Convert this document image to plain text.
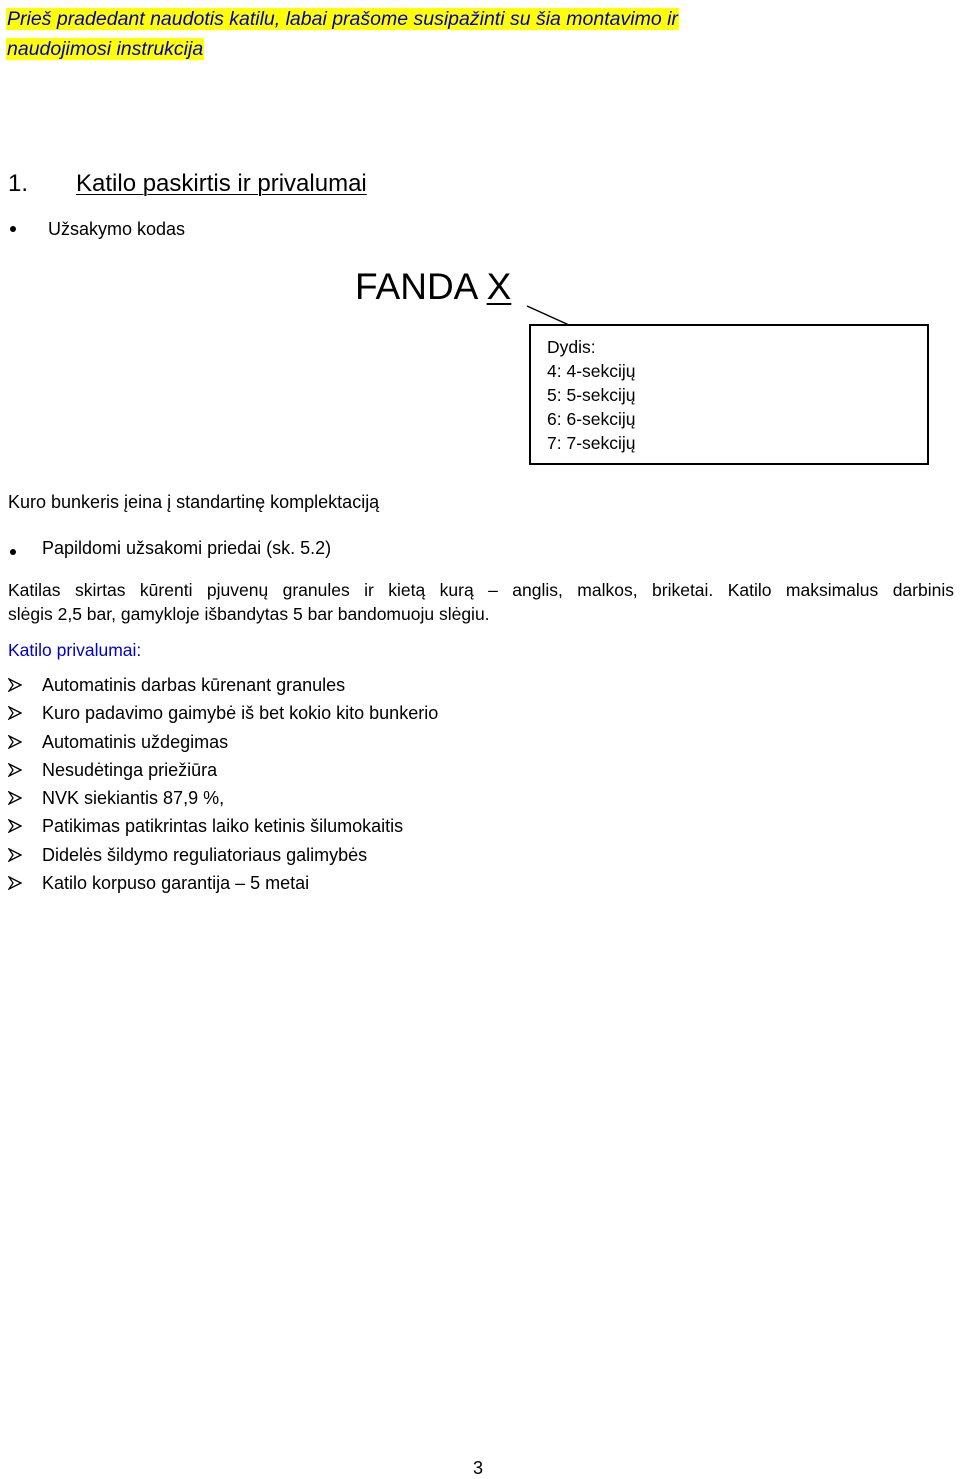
Prieš pradedant naudotis katilu, labai prašome susipažinti su šia montavimo ir
naudojimosi instrukcija
1. Katilo paskirtis ir privalumai
Užsakymo kodas
FANDA X
Dydis:
4: 4-sekcijų
5: 5-sekcijų
6: 6-sekcijų
7: 7-sekcijų
Kuro bunkeris įeina į standartinę komplektaciją
Papildomi užsakomi priedai (sk. 5.2)
Katilas skirtas kūrenti pjuvenų granules ir kietą kurą – anglis, malkos, briketai. Katilo maksimalus darbinis
slėgis 2,5 bar, gamykloje išbandytas 5 bar bandomuoju slėgiu.
Katilo privalumai:
Automatinis darbas kūrenant granules
Kuro padavimo gaimybė iš bet kokio kito bunkerio
Automatinis uždegimas
Nesudėtinga priežiūra
NVK siekiantis 87,9 %,
Patikimas patikrintas laiko ketinis šilumokaitis
Didelės šildymo reguliatoriaus galimybės
Katilo korpuso garantija – 5 metai
3
